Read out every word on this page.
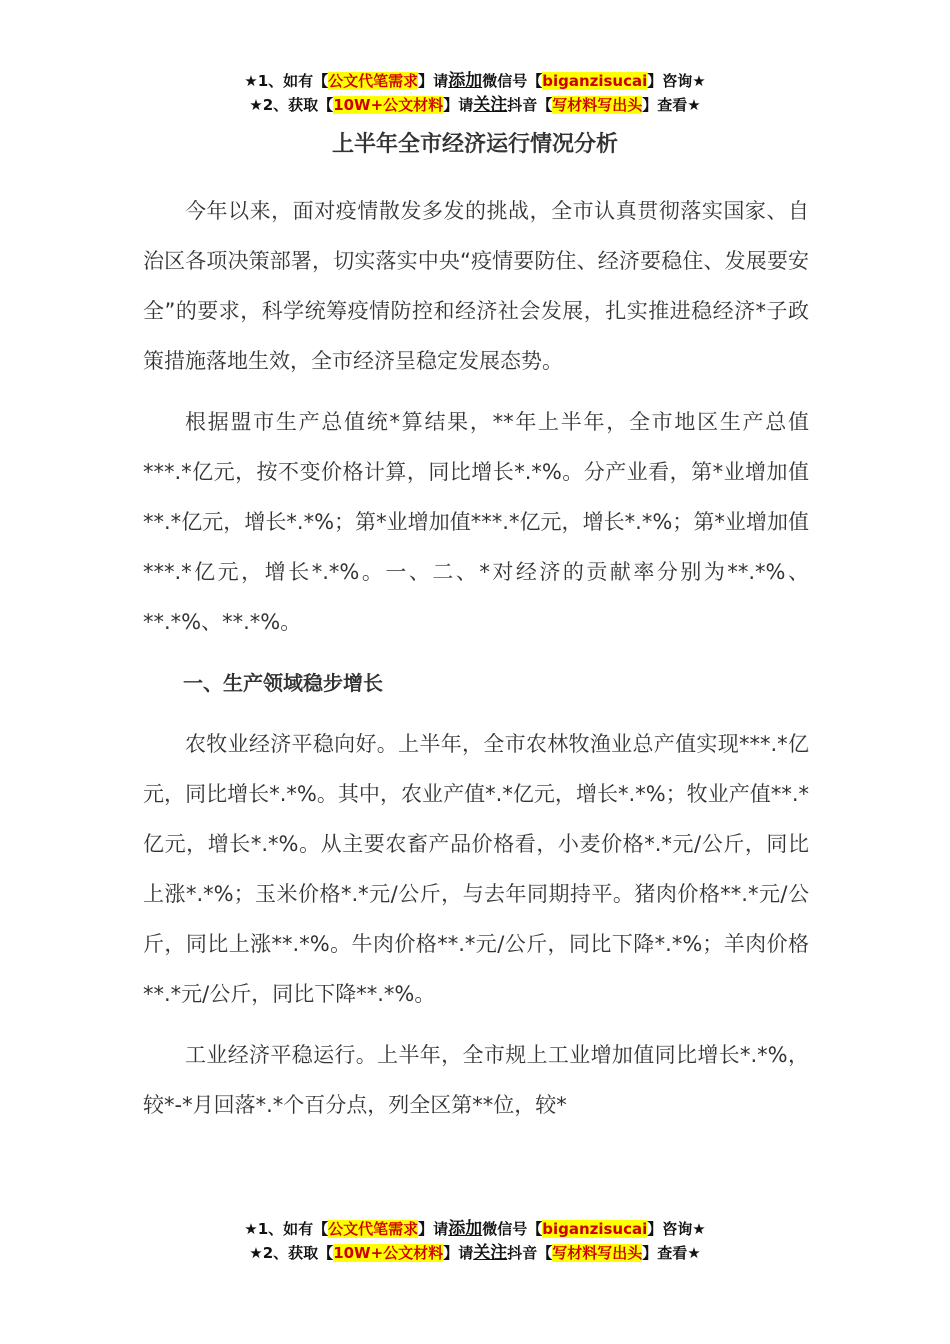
★1、如有【公文代笔需求】请添加微信号【biganzisucai】咨询★
★2、获取【10W+公文材料】请关注抖音【写材料写出头】查看★
上半年全市经济运行情况分析

今年以来，面对疫情散发多发的挑战，全市认真贯彻落实国家、自治区各项决策部署，切实落实中央“疫情要防住、经济要稳住、发展要安全”的要求，科学统筹疫情防控和经济社会发展，扎实推进稳经济*子政策措施落地生效，全市经济呈稳定发展态势。

根据盟市生产总值统*算结果，**年上半年，全市地区生产总值***.*亿元，按不变价格计算，同比增长*.*%。分产业看，第*业增加值**.*亿元，增长*.*%；第*业增加值***.*亿元，增长*.*%；第*业增加值***.*亿元，增长*.*%。一、二、*对经济的贡献率分别为**.*%、**.*%、**.*%。

一、生产领域稳步增长

农牧业经济平稳向好。上半年，全市农林牧渔业总产值实现***.*亿元，同比增长*.*%。其中，农业产值*.*亿元，增长*.*%；牧业产值**.*亿元，增长*.*%。从主要农畜产品价格看，小麦价格*.*元/公斤，同比上涨*.*%；玉米价格*.*元/公斤，与去年同期持平。猪肉价格**.*元/公斤，同比上涨**.*%。牛肉价格**.*元/公斤，同比下降*.*%；羊肉价格**.*元/公斤，同比下降**.*%。

工业经济平稳运行。上半年，全市规上工业增加值同比增长*.*%，较*-*月回落*.*个百分点，列全区第**位，较*

★1、如有【公文代笔需求】请添加微信号【biganzisucai】咨询★
★2、获取【10W+公文材料】请关注抖音【写材料写出头】查看★
